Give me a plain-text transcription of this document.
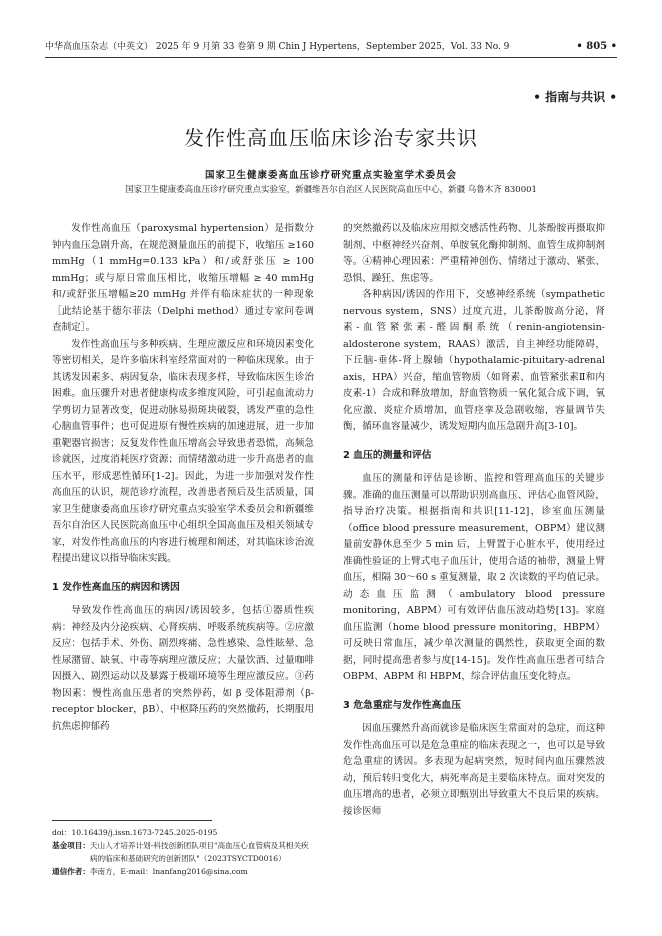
中华高血压杂志（中英文） 2025 年 9 月第 33 卷第 9 期 Chin J Hypertens，September 2025，Vol. 33 No. 9	• 805 •
• 指南与共识 •
发作性高血压临床诊治专家共识
国家卫生健康委高血压诊疗研究重点实验室学术委员会
国家卫生健康委高血压诊疗研究重点实验室，新疆维吾尔自治区人民医院高血压中心，新疆 乌鲁木齐 830001

发作性高血压（paroxysmal hypertension）是指数分钟内血压急剧升高，在规范测量血压的前提下，收缩压 ≥160 mmHg（1 mmHg=0.133 kPa）和/或舒张压 ≥ 100 mmHg；或与原日常血压相比，收缩压增幅 ≥ 40 mmHg 和/或舒张压增幅≥20 mmHg 并伴有临床症状的一种现象［此结论基于德尔菲法（Delphi method）通过专家问卷调查制定］。

发作性高血压与多种疾病、生理应激反应和环境因素变化等密切相关，是许多临床科室经常面对的一种临床现象。由于其诱发因素多、病因复杂，临床表现多样，导致临床医生诊治困难。血压骤升对患者健康构成多维度风险，可引起血流动力学剪切力显著改变，促进动脉易损斑块破裂，诱发严重的急性心脑血管事件；也可促进原有慢性疾病的加速进展，进一步加重靶器官损害；反复发作性血压增高会导致患者恐慌，高频急诊就医，过度消耗医疗资源；而情绪激动进一步升高患者的血压水平，形成恶性循环[1-2]。因此，为进一步加强对发作性高血压的认识，规范诊疗流程，改善患者预后及生活质量，国家卫生健康委高血压诊疗研究重点实验室学术委员会和新疆维吾尔自治区人民医院高血压中心组织全国高血压及相关领域专家，对发作性高血压的内容进行梳理和阐述，对其临床诊治流程提出建议以指导临床实践。

1 发作性高血压的病因和诱因

导致发作性高血压的病因/诱因较多，包括①器质性疾病：神经及内分泌疾病、心肾疾病、呼吸系统疾病等。②应激反应：包括手术、外伤、剧烈疼痛、急性感染、急性眩晕、急性尿潴留、缺氧、中毒等病理应激反应；大量饮酒、过量咖啡因摄入、剧烈运动以及暴露于极端环境等生理应激反应。③药物因素：慢性高血压患者的突然停药，如 β 受体阻滞剂（β-receptor blocker，βB）、中枢降压药的突然撤药，长期服用抗焦虑抑郁药

的突然撤药以及临床应用拟交感活性药物、儿茶酚胺再摄取抑制剂、中枢神经兴奋剂、单胺氧化酶抑制剂、血管生成抑制剂等。④精神心理因素：严重精神创伤、情绪过于激动、紧张、恐惧、躁狂、焦虑等。

各种病因/诱因的作用下，交感神经系统（sympathetic nervous system，SNS）过度亢进，儿茶酚胺高分泌，肾素-血管紧张素-醛固酮系统（renin-angiotensin-aldosterone system，RAAS）激活，自主神经功能障碍，下丘脑-垂体-肾上腺轴（hypothalamic-pituitary-adrenal axis，HPA）兴奋，缩血管物质（如肾素、血管紧张素Ⅱ和内皮素-1）合成和释放增加，舒血管物质一氧化氮合成下调，氧化应激、炎症介质增加，血管痉挛及急剧收缩，容量调节失衡，循环血容量减少，诱发短期内血压急剧升高[3-10]。

2 血压的测量和评估

血压的测量和评估是诊断、监控和管理高血压的关键步骤。准确的血压测量可以帮助识别高血压、评估心血管风险，指导治疗决策。根据指南和共识[11-12]，诊室血压测量（office blood pressure measurement，OBPM）建议测量前安静休息至少 5 min 后，上臂置于心脏水平，使用经过准确性验证的上臂式电子血压计，使用合适的袖带，测量上臂血压，相隔 30～60 s 重复测量，取 2 次读数的平均值记录。动态血压监测（ambulatory blood pressure monitoring，ABPM）可有效评估血压波动趋势[13]。家庭血压监测（home blood pressure monitoring，HBPM）可反映日常血压，减少单次测量的偶然性，获取更全面的数据，同时提高患者参与度[14-15]。发作性高血压患者可结合 OBPM、ABPM 和 HBPM，综合评估血压变化特点。

3 危急重症与发作性高血压

因血压骤然升高而就诊是临床医生常面对的急症，而这种发作性高血压可以是危急重症的临床表现之一，也可以是导致危急重症的诱因。多表现为起病突然，短时间内血压骤然波动，预后转归变化大，病死率高是主要临床特点。面对突发的血压增高的患者，必须立即甄别出导致重大不良后果的疾病。接诊医师

doi：10.16439/j.issn.1673-7245.2025-0195
基金项目： 天山人才培养计划-科技创新团队项目"高血压心血管病及其相关疾病的临床和基础研究的创新团队"（2023TSYCTD0016）
通信作者： 李南方，E-mail：lnanfang2016@sina.com
